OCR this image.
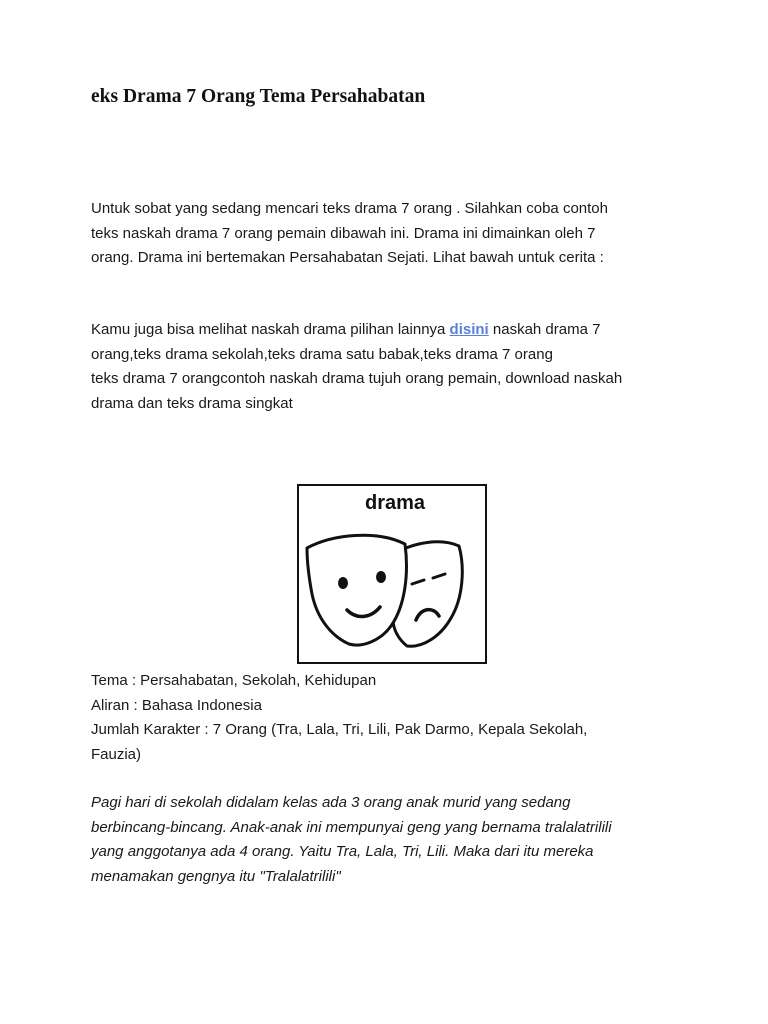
eks Drama 7 Orang Tema Persahabatan

Untuk sobat yang sedang mencari teks drama 7 orang . Silahkan coba contoh
teks naskah drama 7 orang pemain dibawah ini. Drama ini dimainkan oleh 7
orang. Drama ini bertemakan Persahabatan Sejati. Lihat bawah untuk cerita :

Kamu juga bisa melihat naskah drama pilihan lainnya disini naskah drama 7
orang,teks drama sekolah,teks drama satu babak,teks drama 7 orang
teks drama 7 orangcontoh naskah drama tujuh orang pemain, download naskah
drama dan teks drama singkat

drama

Tema : Persahabatan, Sekolah, Kehidupan
Aliran : Bahasa Indonesia
Jumlah Karakter : 7 Orang (Tra, Lala, Tri, Lili, Pak Darmo, Kepala Sekolah,
Fauzia)

Pagi hari di sekolah didalam kelas ada 3 orang anak murid yang sedang
berbincang-bincang. Anak-anak ini mempunyai geng yang bernama tralalatrilili
yang anggotanya ada 4 orang. Yaitu Tra, Lala, Tri, Lili. Maka dari itu mereka
menamakan gengnya itu "Tralalatrilili"
